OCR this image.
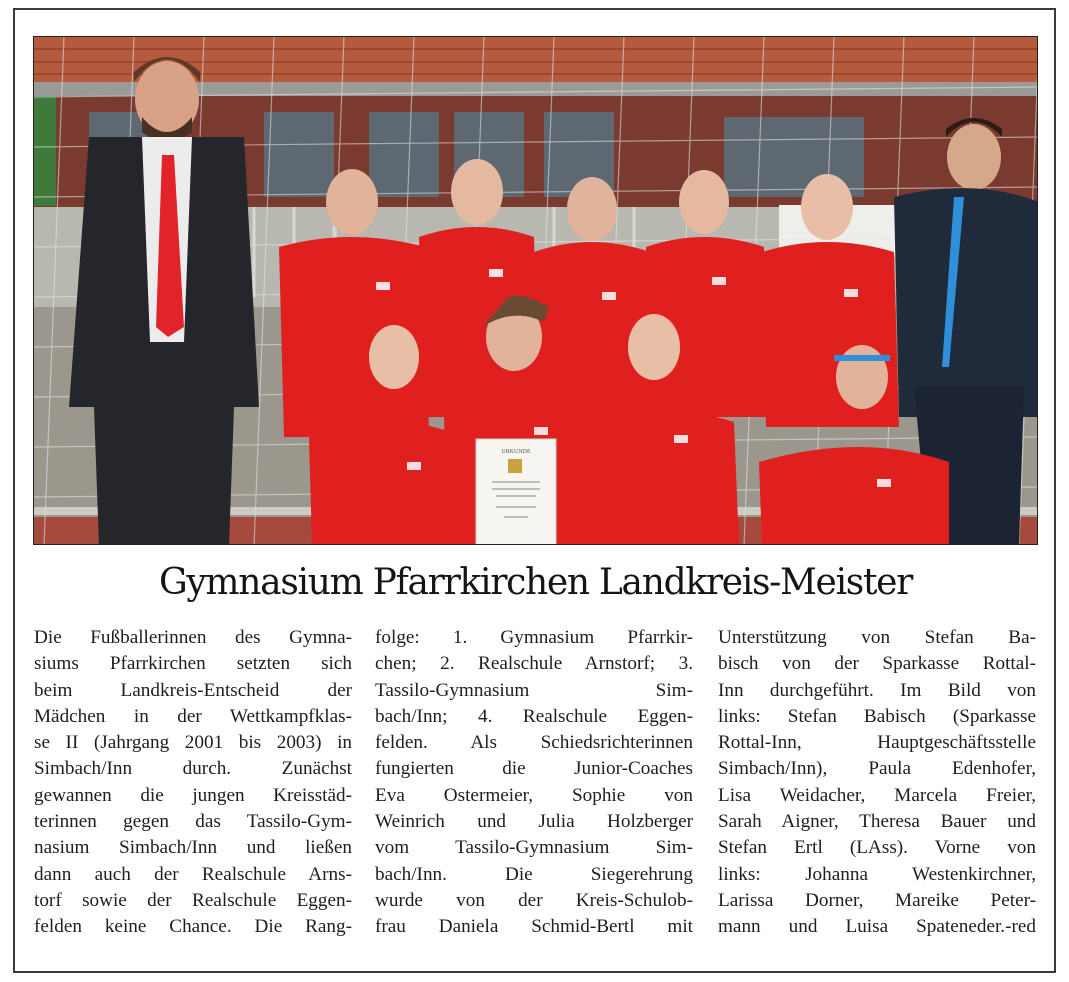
URKUNDE
Gymnasium Pfarrkirchen Landkreis-Meister
Die Fußballerinnen des Gymna-
siums Pfarrkirchen setzten sich
beim Landkreis-Entscheid der
Mädchen in der Wettkampfklas-
se II (Jahrgang 2001 bis 2003) in
Simbach/Inn durch. Zunächst
gewannen die jungen Kreisstäd-
terinnen gegen das Tassilo-Gym-
nasium Simbach/Inn und ließen
dann auch der Realschule Arns-
torf sowie der Realschule Eggen-
felden keine Chance. Die Rang-
folge: 1. Gymnasium Pfarrkir-
chen; 2. Realschule Arnstorf; 3.
Tassilo-Gymnasium Sim-
bach/Inn; 4. Realschule Eggen-
felden. Als Schiedsrichterinnen
fungierten die Junior-Coaches
Eva Ostermeier, Sophie von
Weinrich und Julia Holzberger
vom Tassilo-Gymnasium Sim-
bach/Inn. Die Siegerehrung
wurde von der Kreis-Schulob-
frau Daniela Schmid-Bertl mit
Unterstützung von Stefan Ba-
bisch von der Sparkasse Rottal-
Inn durchgeführt. Im Bild von
links: Stefan Babisch (Sparkasse
Rottal-Inn, Hauptgeschäftsstelle
Simbach/Inn), Paula Edenhofer,
Lisa Weidacher, Marcela Freier,
Sarah Aigner, Theresa Bauer und
Stefan Ertl (LAss). Vorne von
links: Johanna Westenkirchner,
Larissa Dorner, Mareike Peter-
mann und Luisa Spateneder.-red
